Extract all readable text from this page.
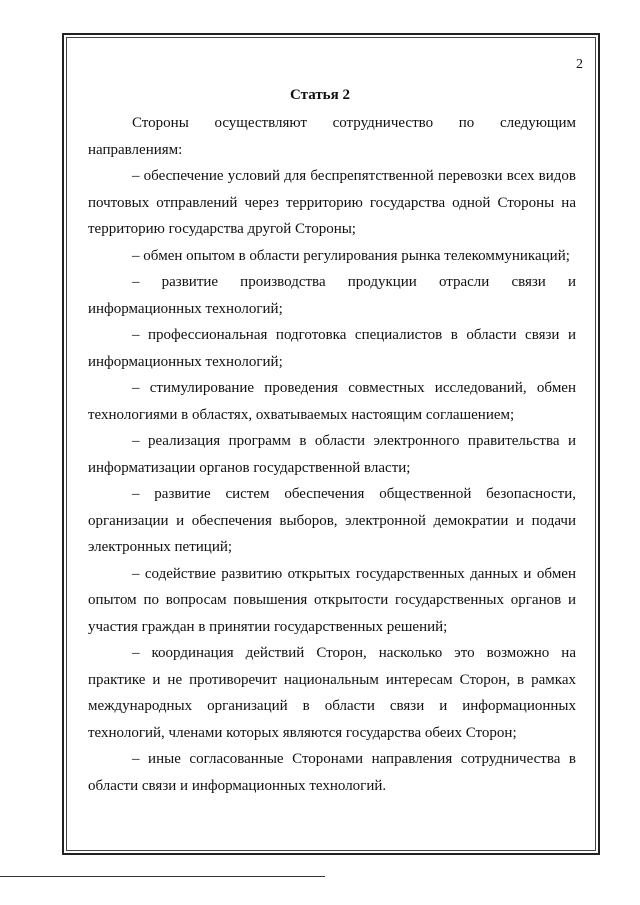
2
Статья 2

Стороны осуществляют сотрудничество по следующим направлениям:

– обеспечение условий для беспрепятственной перевозки всех видов почтовых отправлений через территорию государства одной Стороны на территорию государства другой Стороны;

– обмен опытом в области регулирования рынка телекоммуникаций;

– развитие производства продукции отрасли связи и информационных технологий;

– профессиональная подготовка специалистов в области связи и информационных технологий;

– стимулирование проведения совместных исследований, обмен технологиями в областях, охватываемых настоящим соглашением;

– реализация программ в области электронного правительства и информатизации органов государственной власти;

– развитие систем обеспечения общественной безопасности, организации и обеспечения выборов, электронной демократии и подачи электронных петиций;

– содействие развитию открытых государственных данных и обмен опытом по вопросам повышения открытости государственных органов и участия граждан в принятии государственных решений;

– координация действий Сторон, насколько это возможно на практике и не противоречит национальным интересам Сторон, в рамках международных организаций в области связи и информационных технологий, членами которых являются государства обеих Сторон;

– иные согласованные Сторонами направления сотрудничества в области связи и информационных технологий.
